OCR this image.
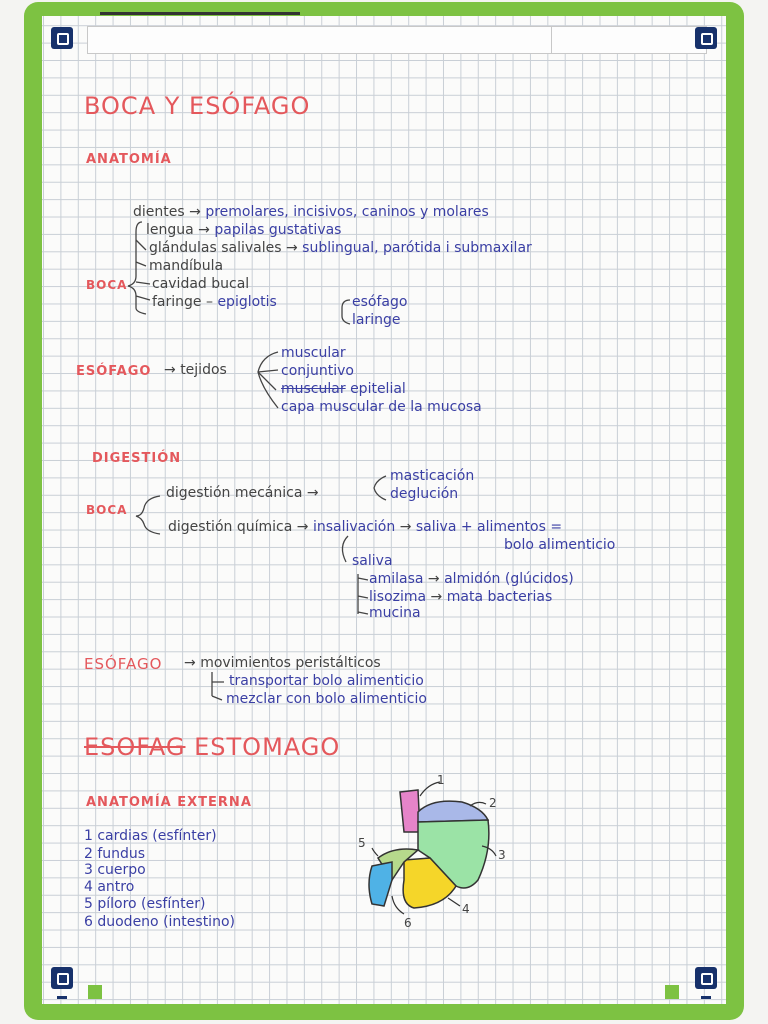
BOCA Y ESÓFAGO
ANATOMÍA
BOCA
dientes → premolares, incisivos, caninos y molares
lengua → papilas gustativas
glándulas salivales → sublingual, parótida i submaxilar
mandíbula
cavidad bucal
faringe – epiglotis	esófago
laringe
ESÓFAGO → tejidos
muscular
conjuntivo
muscular epitelial
capa muscular de la mucosa
DIGESTIÓN
BOCA
digestión mecánica →
masticación
deglución
digestión química → insalivación → saliva + alimentos =
bolo alimenticio
saliva
amilasa → almidón (glúcidos)
lisozima → mata bacterias
mucina
ESÓFAGO → movimientos peristálticos
transportar bolo alimenticio
mezclar con bolo alimenticio
ESOFAG ESTOMAGO
ANATOMÍA EXTERNA
1 cardias (esfínter)
2 fundus
3 cuerpo
4 antro
5 píloro (esfínter)
6 duodeno (intestino)
1
2
3
4
5
6
